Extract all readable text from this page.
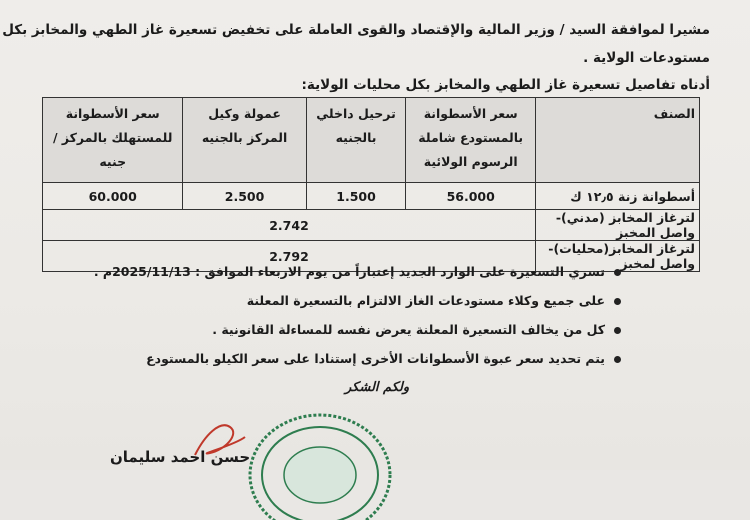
مشيرا لموافقة السيد / وزير المالية والإقتصاد والقوى العاملة على تخفيض تسعيرة غاز الطهي والمخابز بكل
مستودعات الولاية .
أدناه تفاصيل تسعيرة غاز الطهي والمخابز بكل محليات الولاية:
الصنف	سعر الأسطوانة بالمستودع شاملة الرسوم الولائية	ترحيل داخلي بالجنيه	عمولة وكيل المركز بالجنيه	سعر الأسطوانة للمستهلك بالمركز / جنيه
أسطوانة زنة ١٢٫٥ ك	56.000	1.500	2.500	60.000
لترغاز المخابز (مدني)-واصل المخبز	2.742			
لترغاز المخابز(محليات)-واصل لمخبز	2.792			
تسري التسعيرة على الوارد الجديد إعتباراً من يوم الاربعاء الموافق : 2025/11/13م .
على جميع وكلاء مستودعات الغاز الالتزام بالتسعيرة المعلنة
كل من يخالف التسعيرة المعلنة يعرض نفسه للمساءلة القانونية .
يتم تحديد سعر عبوة الأسطوانات الأخرى إستنادا على سعر الكيلو بالمستودع
ولكم الشكر
حسن احمد سليمان
